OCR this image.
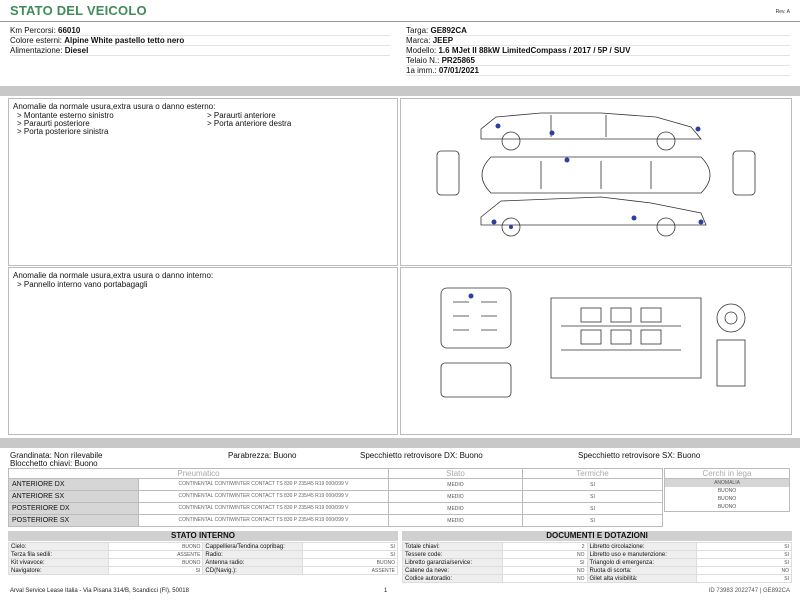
STATO DEL VEICOLO	Rev. A
Km Percorsi: 66010
Colore esterni: Alpine White pastello tetto nero
Alimentazione: Diesel
Targa: GE892CA
Marca: JEEP
Modello: 1.6 MJet II 88kW LimitedCompass / 2017 / 5P / SUV
Telaio N.: PR25865
1a imm.: 07/01/2021
Anomalie da normale usura,extra usura o danno esterno:
> Montante esterno sinistro
> Paraurti posteriore
> Porta posteriore sinistra
> Paraurti anteriore
> Porta anteriore destra
Anomalie da normale usura,extra usura o danno interno:
> Pannello interno vano portabagagli
Grandinata: Non rilevabile	Parabrezza: Buono	Specchietto retrovisore DX: Buono	Specchietto retrovisore SX: Buono
Blocchetto chiavi: Buono
Pneumatico		Stato	Termiche
ANTERIORE DX	CONTINENTAL CONTIWINTER CONTACT TS 830 P 235/45 R19 000/099 V	MEDIO	SI
ANTERIORE SX	CONTINENTAL CONTIWINTER CONTACT TS 830 P 235/45 R19 000/099 V	MEDIO	SI
POSTERIORE DX	CONTINENTAL CONTIWINTER CONTACT TS 830 P 235/45 R19 000/099 V	MEDIO	SI
POSTERIORE SX	CONTINENTAL CONTIWINTER CONTACT TS 830 P 235/45 R19 000/099 V	MEDIO	SI
Cerchi in lega
ANOMALIA
BUONO
BUONO
BUONO
STATO INTERNO
Cielo:	BUONO	Cappelliera/Tendina copribag:	SI
Terza fila sedili:	ASSENTE	Radio:	SI
Kit vivavoce:	BUONO	Antenna radio:	BUONO
Navigatore:	SI	CD(Navig.):	ASSENTE
DOCUMENTI E DOTAZIONI
Totale chiavi:	2	Libretto circolazione:	SI
Tessere code:	NO	Libretto uso e manutenzione:	SI
Libretto garanzia/service:	SI	Triangolo di emergenza:	SI
Catene da neve:	NO	Ruota di scorta:	NO
Codice autoradio:	NO	Gilet alta visibilità:	SI
Arval Service Lease Italia - Via Pisana 314/B, Scandicci (FI), 50018	1	ID 73983 2022747 | GE892CA
